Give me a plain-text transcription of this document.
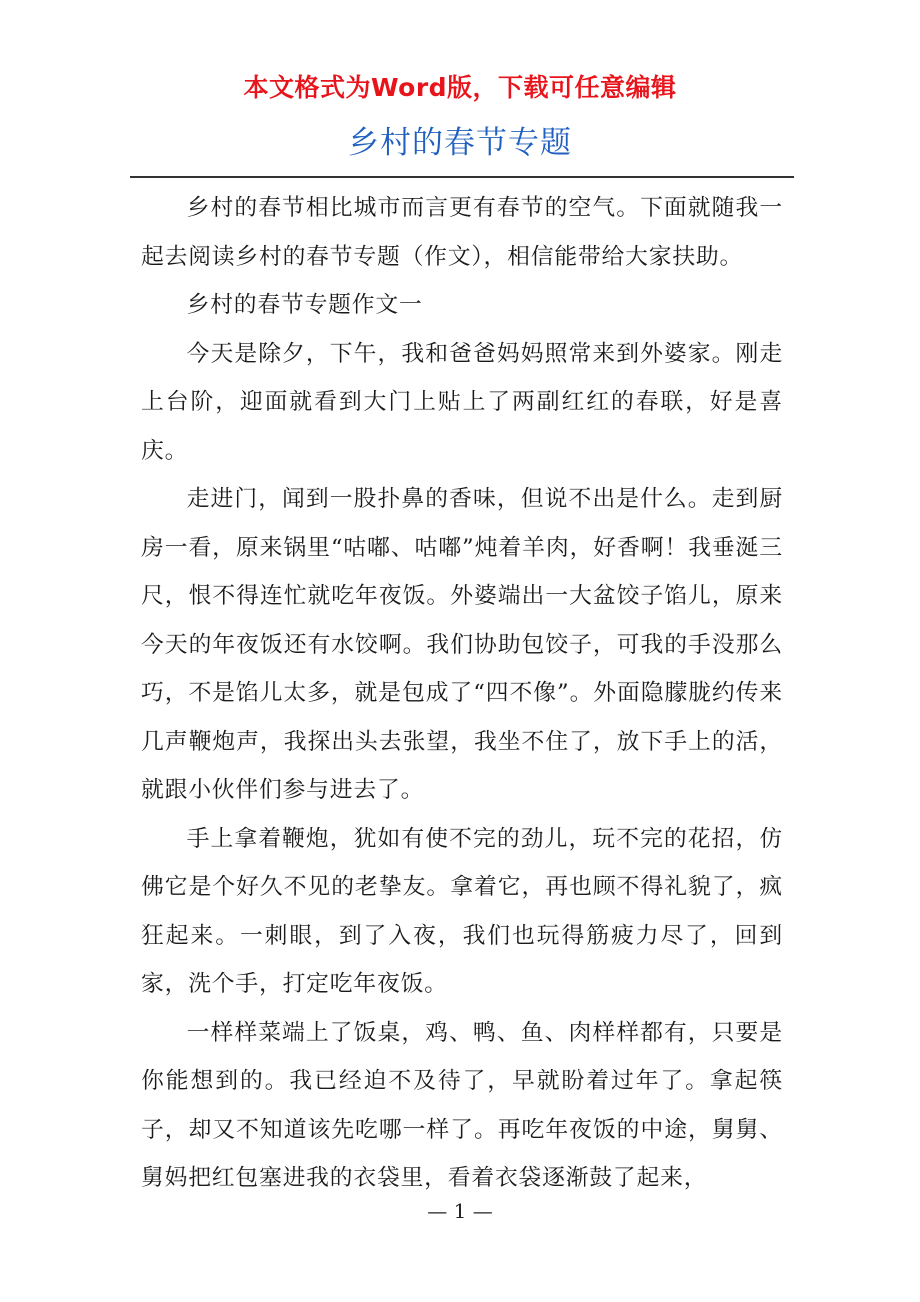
本文格式为Word版，下载可任意编辑
乡村的春节专题

乡村的春节相比城市而言更有春节的空气。下面就随我一起去阅读乡村的春节专题（作文），相信能带给大家扶助。

乡村的春节专题作文一

今天是除夕，下午，我和爸爸妈妈照常来到外婆家。刚走上台阶，迎面就看到大门上贴上了两副红红的春联，好是喜庆。

走进门，闻到一股扑鼻的香味，但说不出是什么。走到厨房一看，原来锅里“咕嘟、咕嘟”炖着羊肉，好香啊！我垂涎三尺，恨不得连忙就吃年夜饭。外婆端出一大盆饺子馅儿，原来今天的年夜饭还有水饺啊。我们协助包饺子，可我的手没那么巧，不是馅儿太多，就是包成了“四不像”。外面隐朦胧约传来几声鞭炮声，我探出头去张望，我坐不住了，放下手上的活，就跟小伙伴们参与进去了。

手上拿着鞭炮，犹如有使不完的劲儿，玩不完的花招，仿佛它是个好久不见的老挚友。拿着它，再也顾不得礼貌了，疯狂起来。一刺眼，到了入夜，我们也玩得筋疲力尽了，回到家，洗个手，打定吃年夜饭。

一样样菜端上了饭桌，鸡、鸭、鱼、肉样样都有，只要是你能想到的。我已经迫不及待了，早就盼着过年了。拿起筷子，却又不知道该先吃哪一样了。再吃年夜饭的中途，舅舅、舅妈把红包塞进我的衣袋里，看着衣袋逐渐鼓了起来，

— 1 —
